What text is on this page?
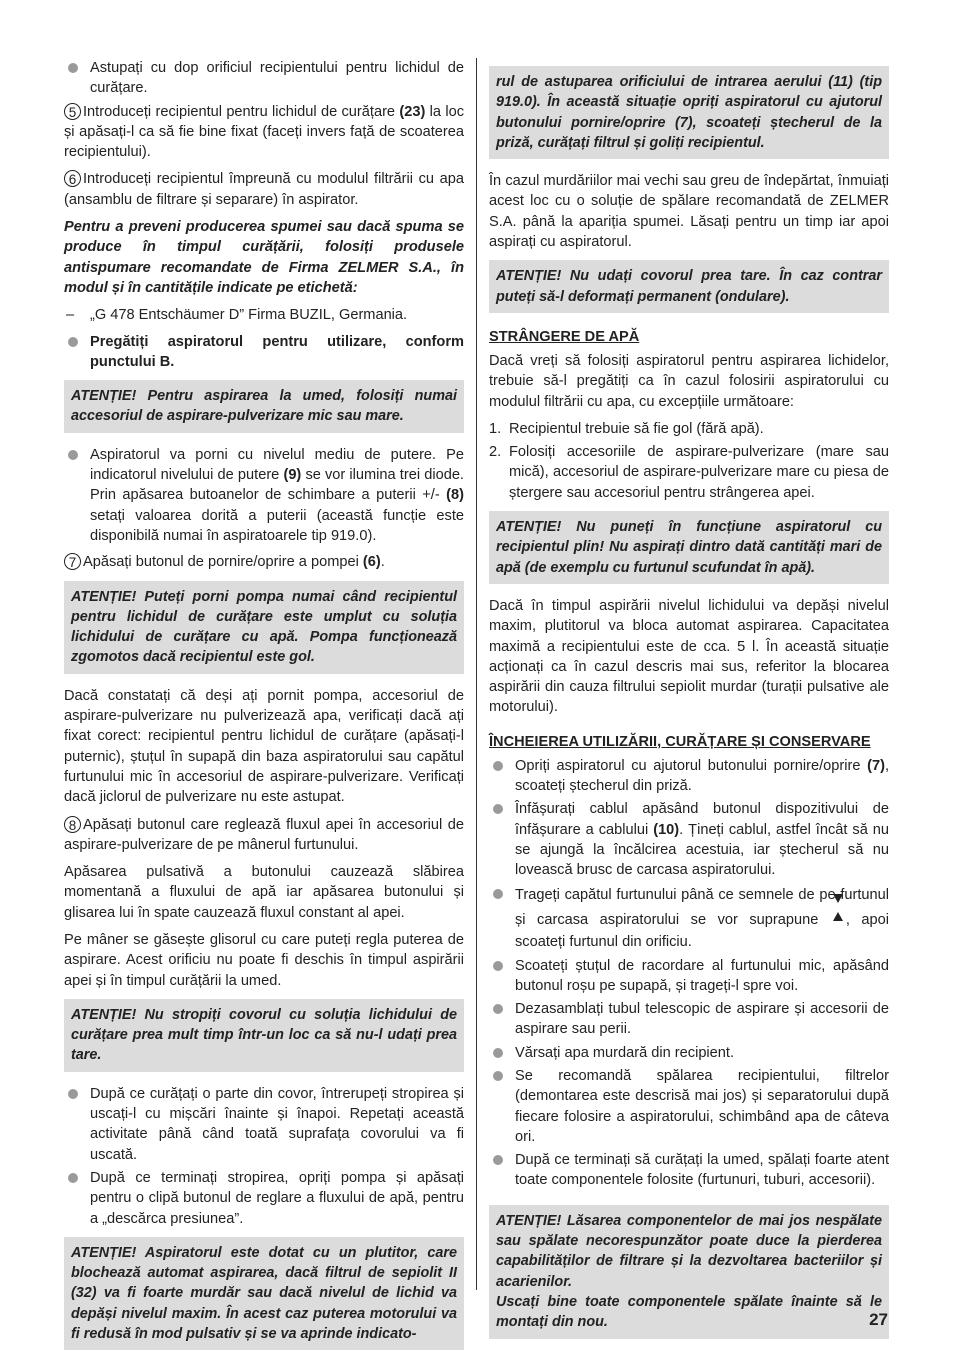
Astupați cu dop orificiul recipientului pentru lichidul de curățare.

5 Introduceți recipientul pentru lichidul de curățare (23) la loc și apăsați-l ca să fie bine fixat (faceți invers față de scoaterea recipientului).

6 Introduceți recipientul împreună cu modulul filtrării cu apa (ansamblu de filtrare și separare) în aspirator.

Pentru a preveni producerea spumei sau dacă spuma se produce în timpul curățării, folosiți produsele antispumare recomandate de Firma ZELMER S.A., în modul și în cantitățile indicate pe etichetă:

– „G 478 Entschäumer D” Firma BUZIL, Germania.
Pregătiți aspiratorul pentru utilizare, conform punctului B.
ATENȚIE! Pentru aspirarea la umed, folosiți numai accesoriul de aspirare-pulverizare mic sau mare.
Aspiratorul va porni cu nivelul mediu de putere. Pe indicatorul nivelului de putere (9) se vor ilumina trei diode. Prin apăsarea butoanelor de schimbare a puterii +/- (8) setați valoarea dorită a puterii (această funcție este disponibilă numai în aspiratoarele tip 919.0).

7 Apăsați butonul de pornire/oprire a pompei (6).

ATENȚIE! Puteți porni pompa numai când recipientul pentru lichidul de curățare este umplut cu soluția lichidului de curățare cu apă. Pompa funcționează zgomotos dacă recipientul este gol.

Dacă constatați că deși ați pornit pompa, accesoriul de aspirare-pulverizare nu pulverizează apa, verificați dacă ați fixat corect: recipientul pentru lichidul de curățare (apăsați-l puternic), ștuțul în supapă din baza aspiratorului sau capătul furtunului mic în accesoriul de aspirare-pulverizare. Verificați dacă jiclorul de pulverizare nu este astupat.

8 Apăsați butonul care reglează fluxul apei în accesoriul de aspirare-pulverizare de pe mânerul furtunului.

Apăsarea pulsativă a butonului cauzează slăbirea momentană a fluxului de apă iar apăsarea butonului și glisarea lui în spate cauzează fluxul constant al apei.

Pe mâner se găsește glisorul cu care puteți regla puterea de aspirare. Acest orificiu nu poate fi deschis în timpul aspirării apei și în timpul curățării la umed.

ATENȚIE! Nu stropiți covorul cu soluția lichidului de curățare prea mult timp într-un loc ca să nu-l udați prea tare.
După ce curățați o parte din covor, întrerupeți stropirea și uscați-l cu mișcări înainte și înapoi. Repetați această activitate până când toată suprafața covorului va fi uscată.
După ce terminați stropirea, opriți pompa și apăsați pentru o clipă butonul de reglare a fluxului de apă, pentru a „descărca presiunea”.
ATENȚIE! Aspiratorul este dotat cu un plutitor, care blochează automat aspirarea, dacă filtrul de sepiolit II (32) va fi foarte murdăr sau dacă nivelul de lichid va depăși nivelul maxim. În acest caz puterea motorului va fi redusă în mod pulsativ și se va aprinde indicato-
rul de astuparea orificiului de intrarea aerului (11) (tip 919.0). În această situație opriți aspiratorul cu ajutorul butonului pornire/oprire (7), scoateți ștecherul de la priză, curățați filtrul și goliți recipientul.

În cazul murdăriilor mai vechi sau greu de îndepărtat, înmuiați acest loc cu o soluție de spălare recomandată de ZELMER S.A. până la apariția spumei. Lăsați pentru un timp iar apoi aspirați cu aspiratorul.

ATENȚIE! Nu udați covorul prea tare. În caz contrar puteți să-l deformați permanent (ondulare).
STRÂNGERE DE APĂ

Dacă vreți să folosiți aspiratorul pentru aspirarea lichidelor, trebuie să-l pregătiți ca în cazul folosirii aspiratorului cu modulul filtrării cu apa, cu excepțiile următoare:

1. Recipientul trebuie să fie gol (fără apă).
2. Folosiți accesoriile de aspirare-pulverizare (mare sau mică), accesoriul de aspirare-pulverizare mare cu piesa de ștergere sau accesoriul pentru strângerea apei.
ATENȚIE! Nu puneți în funcțiune aspiratorul cu recipientul plin! Nu aspirați dintro dată cantități mari de apă (de exemplu cu furtunul scufundat în apă).

Dacă în timpul aspirării nivelul lichidului va depăși nivelul maxim, plutitorul va bloca automat aspirarea. Capacitatea maximă a recipientului este de cca. 5 l. În această situație acționați ca în cazul descris mai sus, referitor la blocarea aspirării din cauza filtrului sepiolit murdar (turații pulsative ale motorului).

ÎNCHEIEREA UTILIZĂRII, CURĂȚARE ȘI CONSERVARE
Opriți aspiratorul cu ajutorul butonului pornire/oprire (7), scoateți ștecherul din priză.
Înfășurați cablul apăsând butonul dispozitivului de înfășurare a cablului (10). Țineți cablul, astfel încât să nu se ajungă la încălcirea acestuia, iar ștecherul să nu loveascǎ brusc de carcasa aspiratorului.
Trageți capătul furtunului până ce semnele de pe furtunul și carcasa aspiratorului se vor suprapune , apoi scoateți furtunul din orificiu.
Scoateți ștuțul de racordare al furtunului mic, apăsând butonul roșu pe supapă, și trageți-l spre voi.
Dezasamblați tubul telescopic de aspirare și accesorii de aspirare sau perii.
Vărsați apa murdară din recipient.
Se recomandă spălarea recipientului, filtrelor (demontarea este descrisă mai jos) și separatorului după fiecare folosire a aspiratorului, schimbând apa de câteva ori.
După ce terminați să curățați la umed, spălați foarte atent toate componentele folosite (furtunuri, tuburi, accesorii).
ATENȚIE! Lăsarea componentelor de mai jos nespălate sau spălate necorespunzător poate duce la pierderea capabilităților de filtrare și la dezvoltarea bacteriilor și acarienilor.
Uscați bine toate componentele spălate înainte să le montați din nou.	27
